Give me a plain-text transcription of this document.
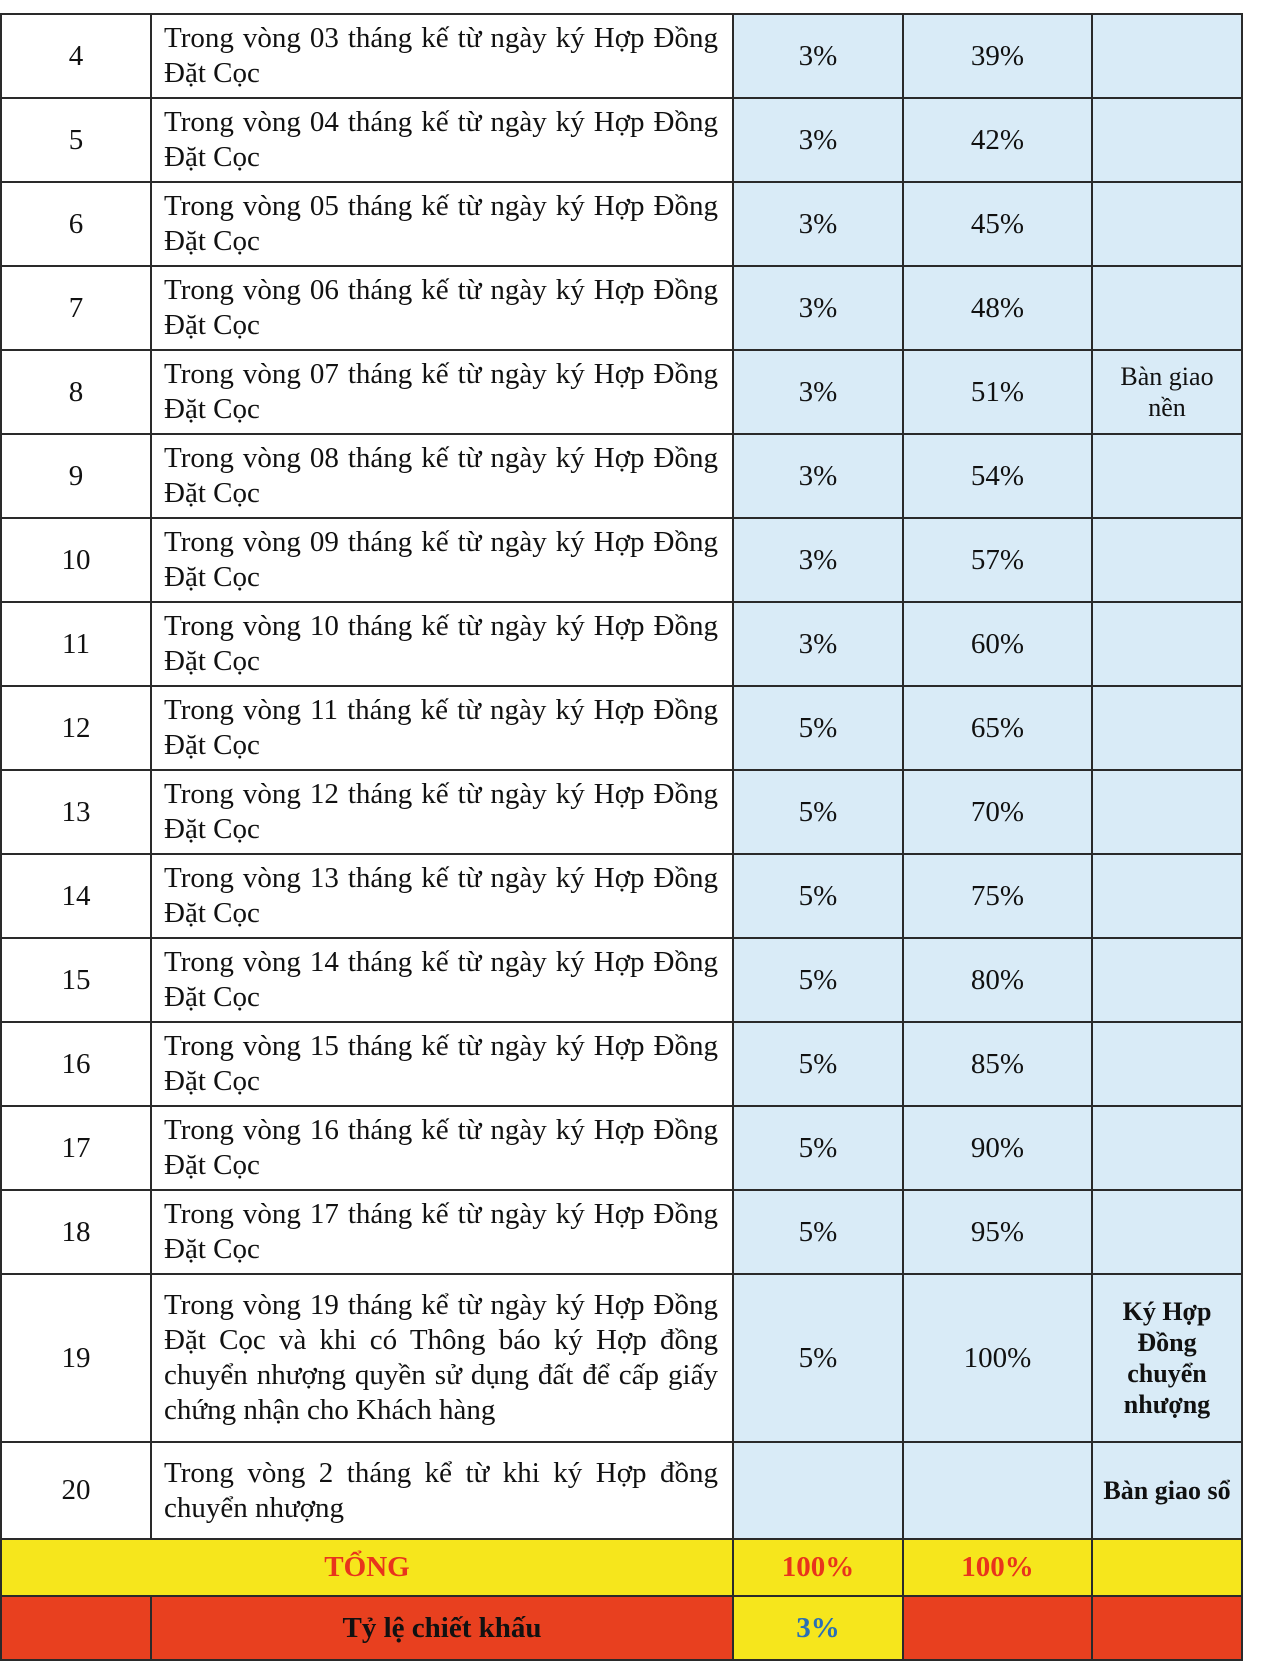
4	Trong vòng 03 tháng kế từ ngày ký Hợp Đồng Đặt Cọc	3%	39%	
5	Trong vòng 04 tháng kế từ ngày ký Hợp Đồng Đặt Cọc	3%	42%	
6	Trong vòng 05 tháng kế từ ngày ký Hợp Đồng Đặt Cọc	3%	45%	
7	Trong vòng 06 tháng kế từ ngày ký Hợp Đồng Đặt Cọc	3%	48%	
8	Trong vòng 07 tháng kế từ ngày ký Hợp Đồng Đặt Cọc	3%	51%	Bàn giao nền
9	Trong vòng 08 tháng kế từ ngày ký Hợp Đồng Đặt Cọc	3%	54%	
10	Trong vòng 09 tháng kế từ ngày ký Hợp Đồng Đặt Cọc	3%	57%	
11	Trong vòng 10 tháng kế từ ngày ký Hợp Đồng Đặt Cọc	3%	60%	
12	Trong vòng 11 tháng kế từ ngày ký Hợp Đồng Đặt Cọc	5%	65%	
13	Trong vòng 12 tháng kế từ ngày ký Hợp Đồng Đặt Cọc	5%	70%	
14	Trong vòng 13 tháng kế từ ngày ký Hợp Đồng Đặt Cọc	5%	75%	
15	Trong vòng 14 tháng kế từ ngày ký Hợp Đồng Đặt Cọc	5%	80%	
16	Trong vòng 15 tháng kế từ ngày ký Hợp Đồng Đặt Cọc	5%	85%	
17	Trong vòng 16 tháng kế từ ngày ký Hợp Đồng Đặt Cọc	5%	90%	
18	Trong vòng 17 tháng kế từ ngày ký Hợp Đồng Đặt Cọc	5%	95%	
19	Trong vòng 19 tháng kể từ ngày ký Hợp Đồng Đặt Cọc và khi có Thông báo ký Hợp đồng chuyển nhượng quyền sử dụng đất để cấp giấy chứng nhận cho Khách hàng	5%	100%	Ký Hợp Đồng chuyển nhượng
20	Trong vòng 2 tháng kể từ khi ký Hợp đồng chuyển nhượng			Bàn giao sổ
TỔNG		100%	100%	
	Tỷ lệ chiết khấu	3%		
